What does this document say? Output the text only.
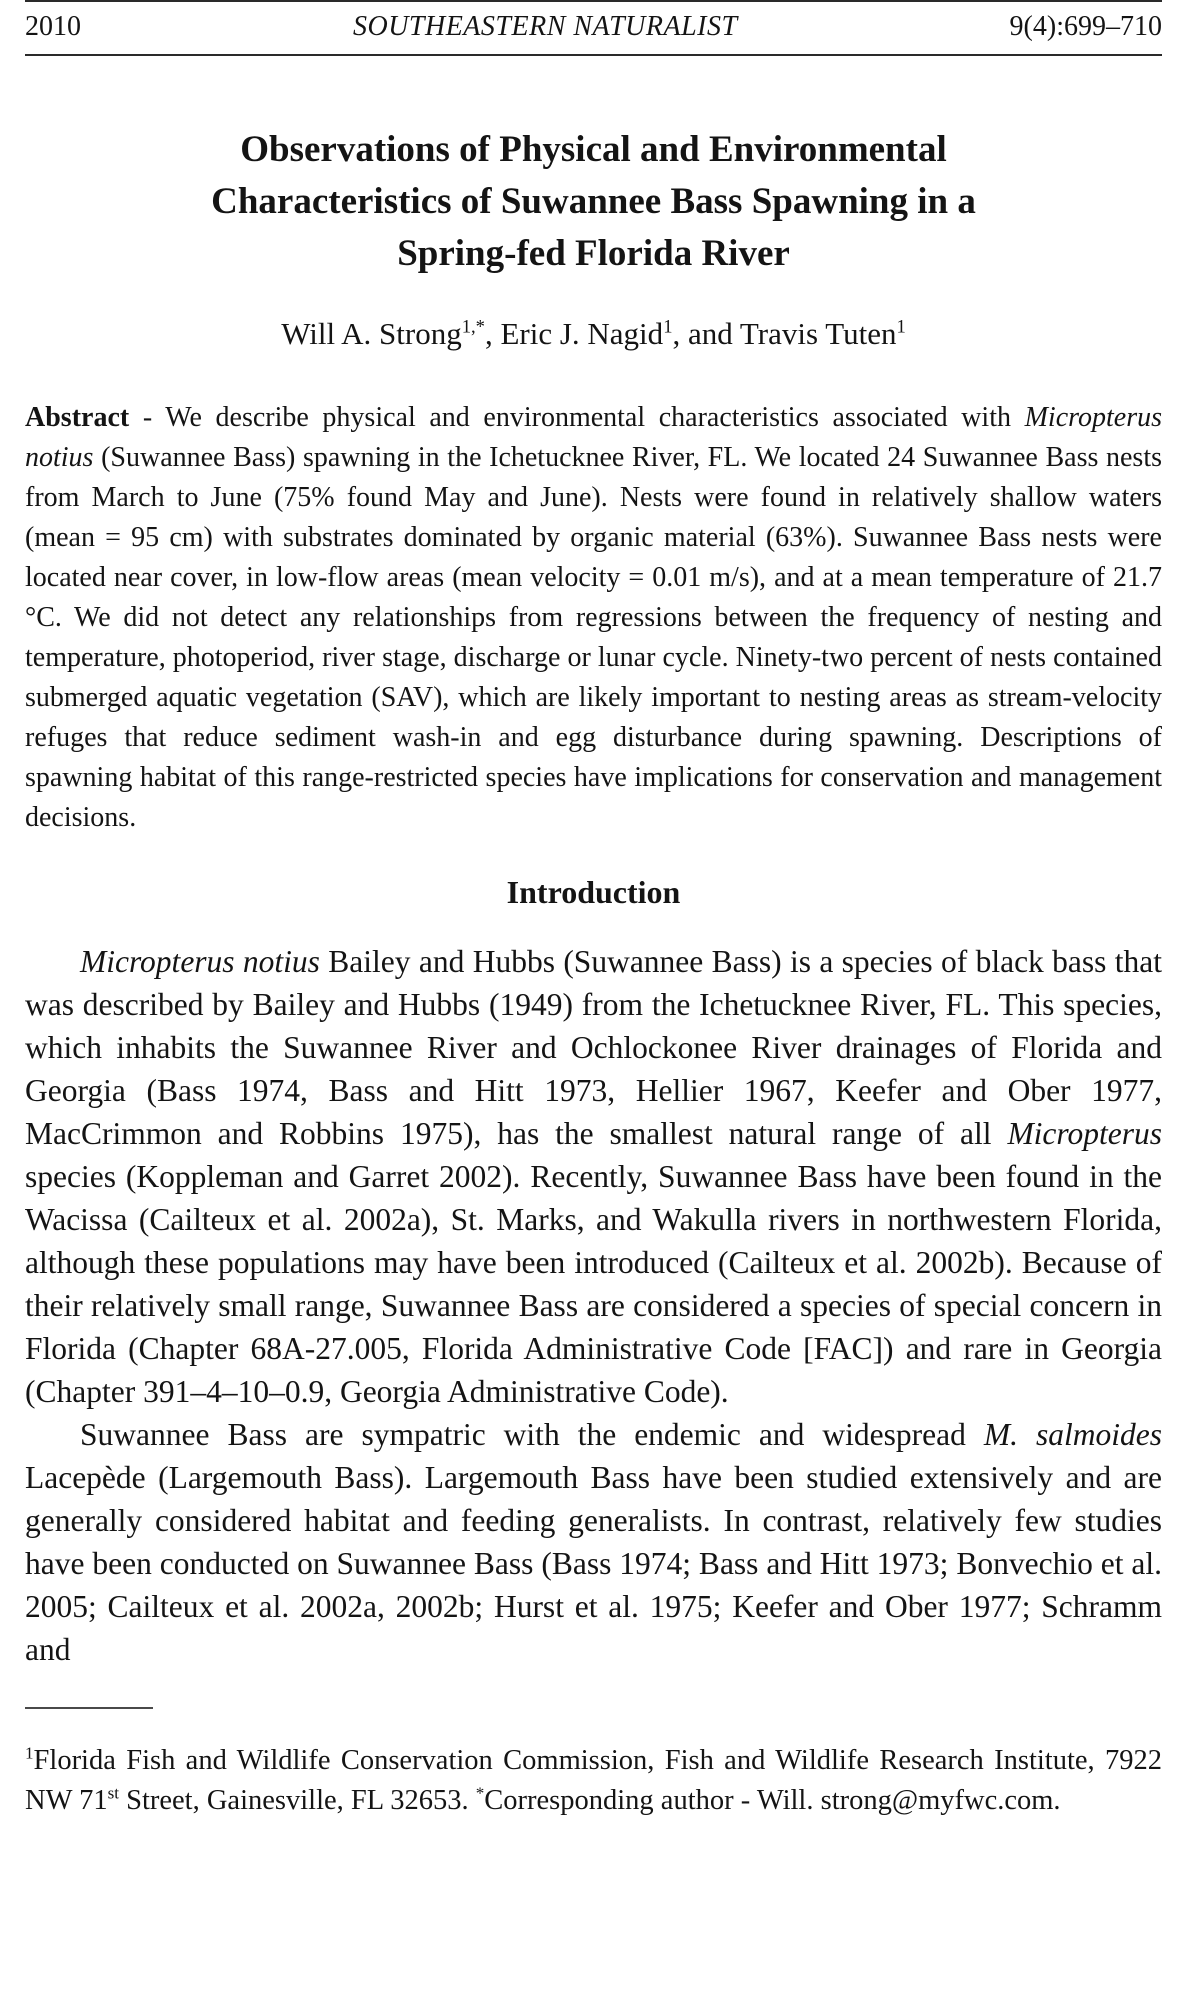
2010	SOUTHEASTERN NATURALIST	9(4):699–710
Observations of Physical and Environmental
Characteristics of Suwannee Bass Spawning in a
Spring-fed Florida River

Will A. Strong$^{1,*}$, Eric J. Nagid$^1$, and Travis Tuten$^1$

Abstract - We describe physical and environmental characteristics associated with Micropterus notius (Suwannee Bass) spawning in the Ichetucknee River, FL. We located 24 Suwannee Bass nests from March to June (75% found May and June). Nests were found in relatively shallow waters (mean = 95 cm) with substrates dominated by organic material (63%). Suwannee Bass nests were located near cover, in low-flow areas (mean velocity = 0.01 m/s), and at a mean temperature of 21.7 °C. We did not detect any relationships from regressions between the frequency of nesting and temperature, photoperiod, river stage, discharge or lunar cycle. Ninety-two percent of nests contained submerged aquatic vegetation (SAV), which are likely important to nesting areas as stream-velocity refuges that reduce sediment wash-in and egg disturbance during spawning. Descriptions of spawning habitat of this range-restricted species have implications for conservation and management decisions.

Introduction

Micropterus notius Bailey and Hubbs (Suwannee Bass) is a species of black bass that was described by Bailey and Hubbs (1949) from the Ichetucknee River, FL. This species, which inhabits the Suwannee River and Ochlockonee River drainages of Florida and Georgia (Bass 1974, Bass and Hitt 1973, Hellier 1967, Keefer and Ober 1977, MacCrimmon and Robbins 1975), has the smallest natural range of all Micropterus species (Koppleman and Garret 2002). Recently, Suwannee Bass have been found in the Wacissa (Cailteux et al. 2002a), St. Marks, and Wakulla rivers in northwestern Florida, although these populations may have been introduced (Cailteux et al. 2002b). Because of their relatively small range, Suwannee Bass are considered a species of special concern in Florida (Chapter 68A-27.005, Florida Administrative Code [FAC]) and rare in Georgia (Chapter 391–4–10–0.9, Georgia Administrative Code).

Suwannee Bass are sympatric with the endemic and widespread M. salmoides Lacepède (Largemouth Bass). Largemouth Bass have been studied extensively and are generally considered habitat and feeding generalists. In contrast, relatively few studies have been conducted on Suwannee Bass (Bass 1974; Bass and Hitt 1973; Bonvechio et al. 2005; Cailteux et al. 2002a, 2002b; Hurst et al. 1975; Keefer and Ober 1977; Schramm and

$^1$Florida Fish and Wildlife Conservation Commission, Fish and Wildlife Research Institute, 7922 NW 71st Street, Gainesville, FL 32653. *Corresponding author - Will. strong@myfwc.com.
